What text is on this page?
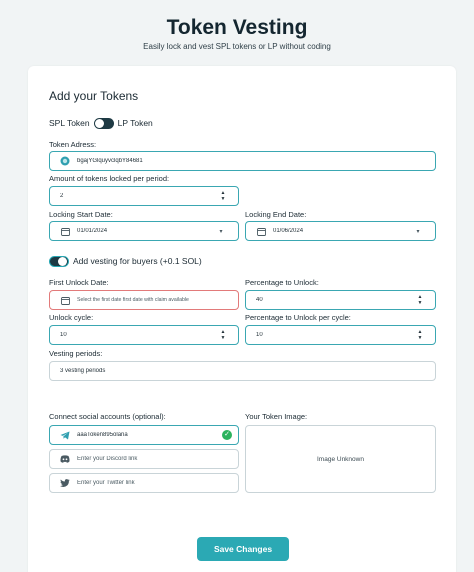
Token Vesting
Easily lock and vest SPL tokens or LP without coding
Add your Tokens
SPL Token	LP Token
Token Adress:
bgajYGlquyvclqbY84681
Amount of tokens locked per period:
2	▲
▼
Locking Start Date:
01/01/2024	▾
Locking End Date:
01/06/2024	▾
Add vesting for buyers (+0.1 SOL)
First Unlock Date:
Select the first date first date with claim available
Percentage to Unlock:
40	▲
▼
Unlock cycle:
10	▲
▼
Percentage to Unlock per cycle:
10	▲
▼
Vesting periods:
3 vesting periods
Connect social accounts (optional):
aaaToken895olana	✓
Enter your Discord link
Enter your Twitter link
Your Token Image:
Image Unknown
Save Changes
